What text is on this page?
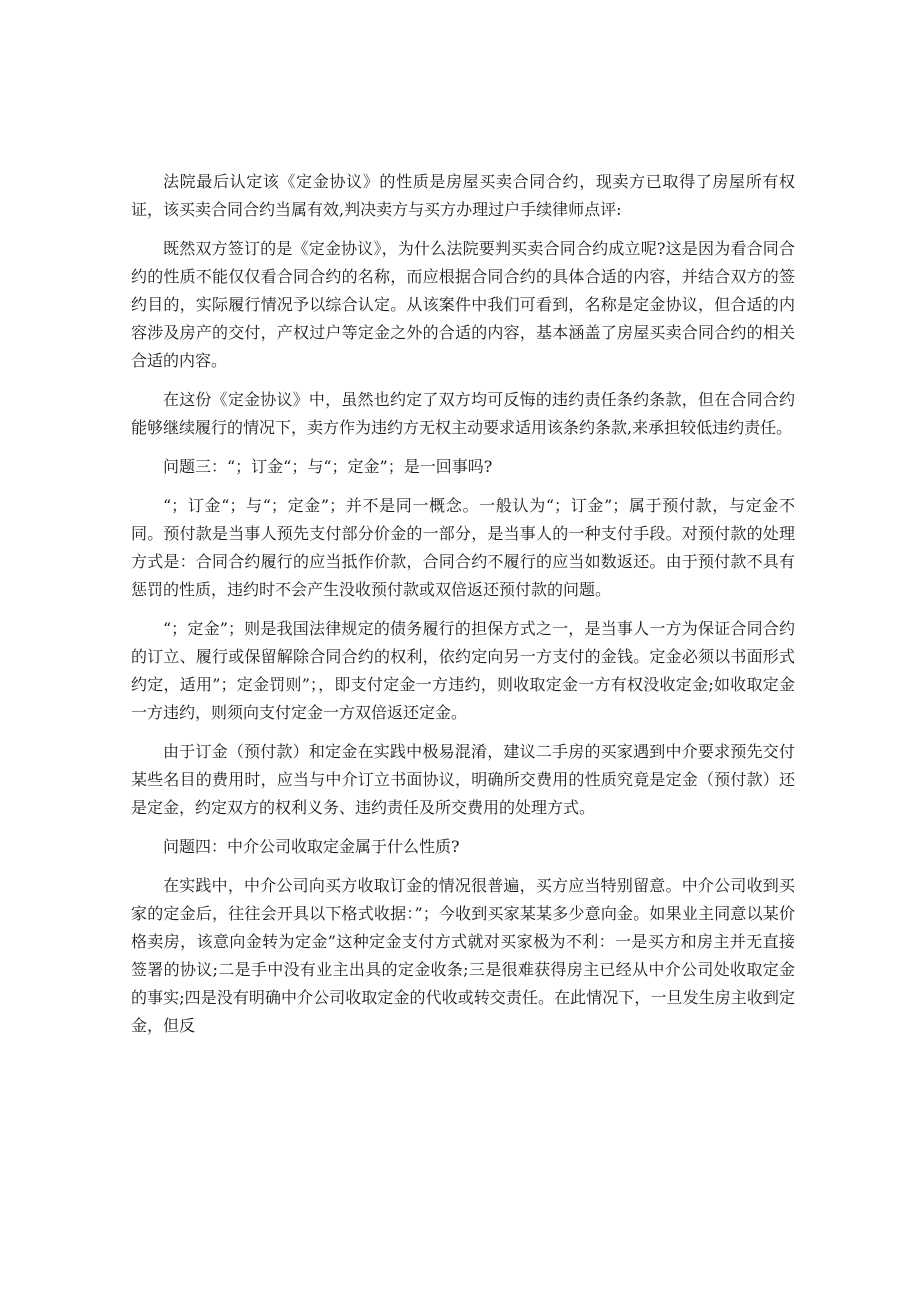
法院最后认定该《定金协议》的性质是房屋买卖合同合约，现卖方已取得了房屋所有权证，该买卖合同合约当属有效,判决卖方与买方办理过户手续律师点评:

既然双方签订的是《定金协议》，为什么法院要判买卖合同合约成立呢?这是因为看合同合约的性质不能仅仅看合同合约的名称，而应根据合同合约的具体合适的内容，并结合双方的签约目的，实际履行情况予以综合认定。从该案件中我们可看到，名称是定金协议，但合适的内容涉及房产的交付，产权过户等定金之外的合适的内容，基本涵盖了房屋买卖合同合约的相关合适的内容。

在这份《定金协议》中，虽然也约定了双方均可反悔的违约责任条约条款，但在合同合约能够继续履行的情况下，卖方作为违约方无权主动要求适用该条约条款,来承担较低违约责任。

问题三：“；订金“；与“；定金”；是一回事吗?

“；订金“；与“；定金”；并不是同一概念。一般认为“；订金”；属于预付款，与定金不同。预付款是当事人预先支付部分价金的一部分，是当事人的一种支付手段。对预付款的处理方式是：合同合约履行的应当抵作价款，合同合约不履行的应当如数返还。由于预付款不具有惩罚的性质，违约时不会产生没收预付款或双倍返还预付款的问题。

“；定金”；则是我国法律规定的债务履行的担保方式之一，是当事人一方为保证合同合约的订立、履行或保留解除合同合约的权利，依约定向另一方支付的金钱。定金必须以书面形式约定，适用”；定金罚则”；，即支付定金一方违约，则收取定金一方有权没收定金;如收取定金一方违约，则须向支付定金一方双倍返还定金。

由于订金（预付款）和定金在实践中极易混淆，建议二手房的买家遇到中介要求预先交付某些名目的费用时，应当与中介订立书面协议，明确所交费用的性质究竟是定金（预付款）还是定金，约定双方的权利义务、违约责任及所交费用的处理方式。

问题四：中介公司收取定金属于什么性质?

在实践中，中介公司向买方收取订金的情况很普遍，买方应当特别留意。中介公司收到买家的定金后，往往会开具以下格式收据：”；今收到买家某某多少意向金。如果业主同意以某价格卖房，该意向金转为定金”这种定金支付方式就对买家极为不利：一是买方和房主并无直接签署的协议;二是手中没有业主出具的定金收条;三是很难获得房主已经从中介公司处收取定金的事实;四是没有明确中介公司收取定金的代收或转交责任。在此情况下，一旦发生房主收到定金，但反
